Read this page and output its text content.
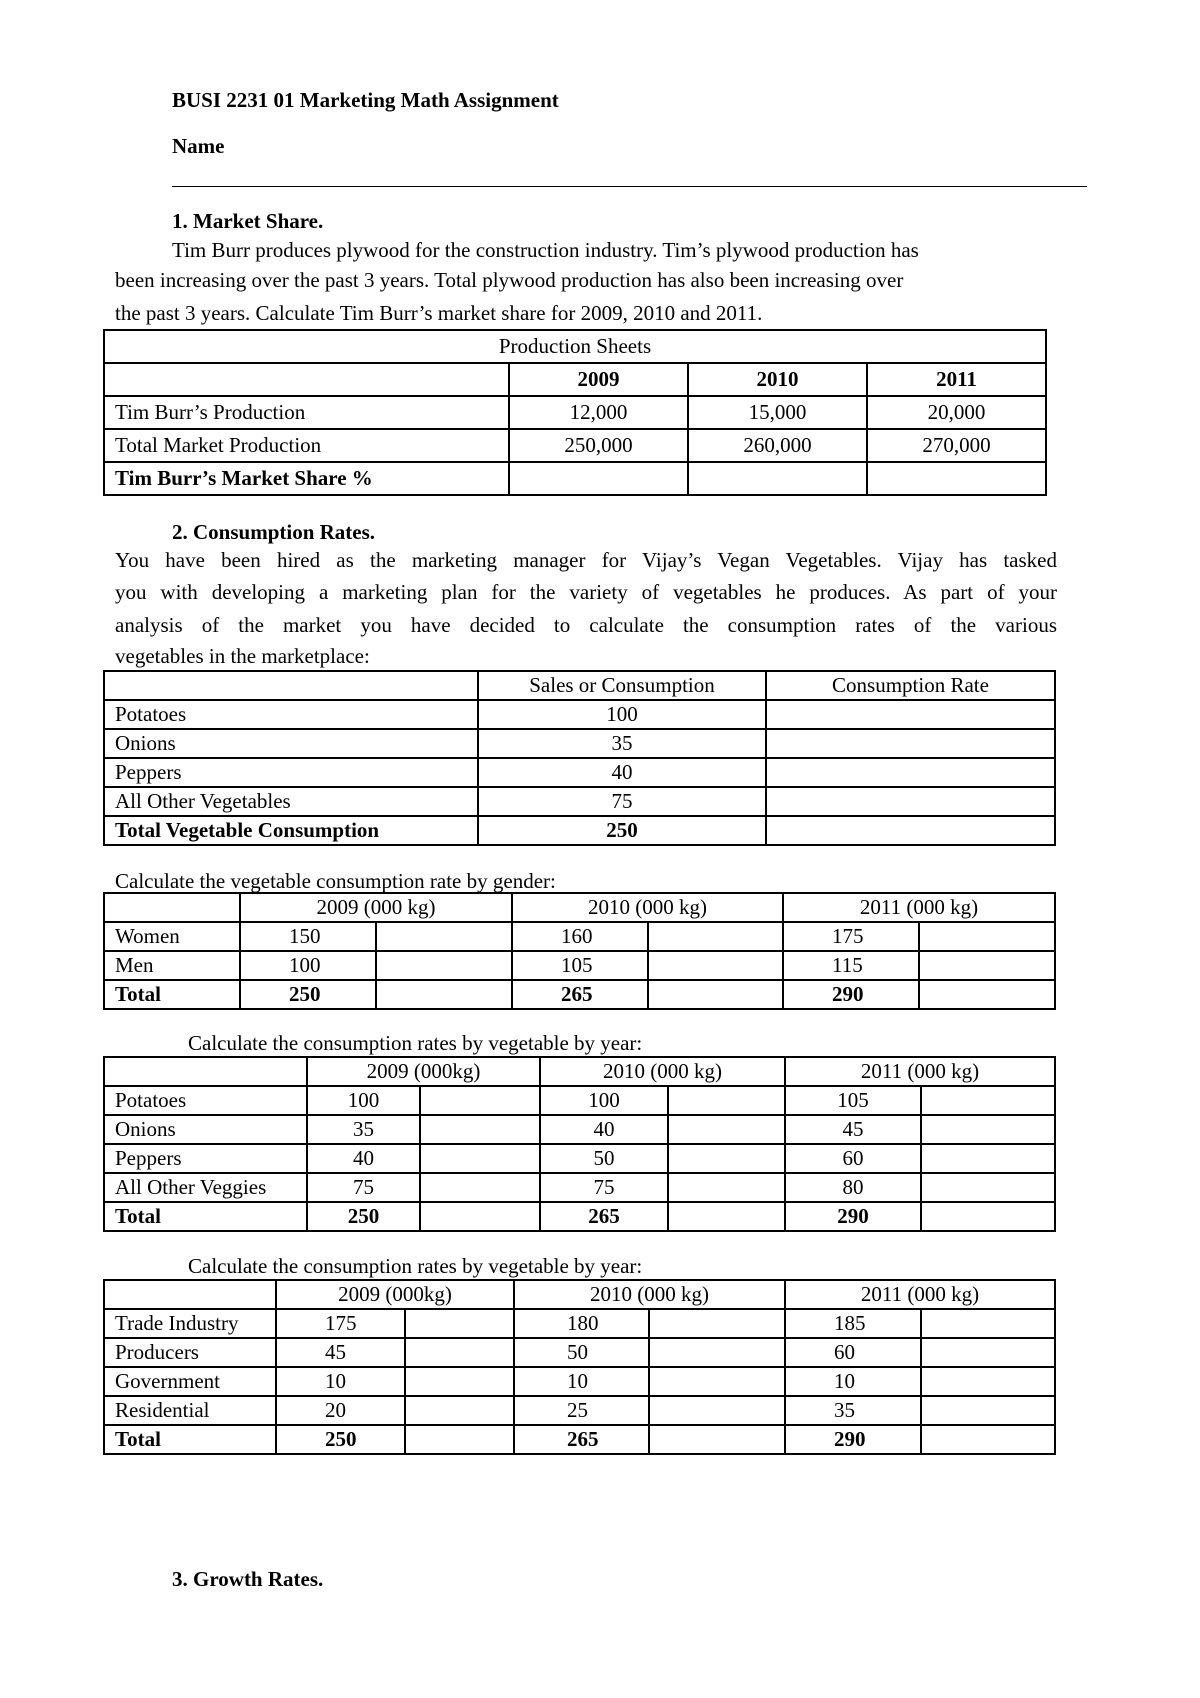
BUSI 2231 01 Marketing Math Assignment
Name
1. Market Share.
Tim Burr produces plywood for the construction industry. Tim’s plywood production has
been increasing over the past 3 years. Total plywood production has also been increasing over
the past 3 years. Calculate Tim Burr’s market share for 2009, 2010 and 2011.
Production Sheets			
	2009	2010	2011
Tim Burr’s Production	12,000	15,000	20,000
Total Market Production	250,000	260,000	270,000
Tim Burr’s Market Share %			
2. Consumption Rates.
You have been hired as the marketing manager for Vijay’s Vegan Vegetables. Vijay has tasked
you with developing a marketing plan for the variety of vegetables he produces. As part of your
analysis of the market you have decided to calculate the consumption rates of the various
vegetables in the marketplace:
	Sales or Consumption	Consumption Rate
Potatoes	100	
Onions	35	
Peppers	40	
All Other Vegetables	75	
Total Vegetable Consumption	250	
Calculate the vegetable consumption rate by gender:
	2009 (000 kg)		2010 (000 kg)		2011 (000 kg)	
Women	150		160		175	
Men	100		105		115	
Total	250		265		290	
Calculate the consumption rates by vegetable by year:
	2009 (000kg)		2010 (000 kg)		2011 (000 kg)	
Potatoes	100		100		105	
Onions	35		40		45	
Peppers	40		50		60	
All Other Veggies	75		75		80	
Total	250		265		290	
Calculate the consumption rates by vegetable by year:
	2009 (000kg)		2010 (000 kg)		2011 (000 kg)	
Trade Industry	175		180		185	
Producers	45		50		60	
Government	10		10		10	
Residential	20		25		35	
Total	250		265		290	
3. Growth Rates.
